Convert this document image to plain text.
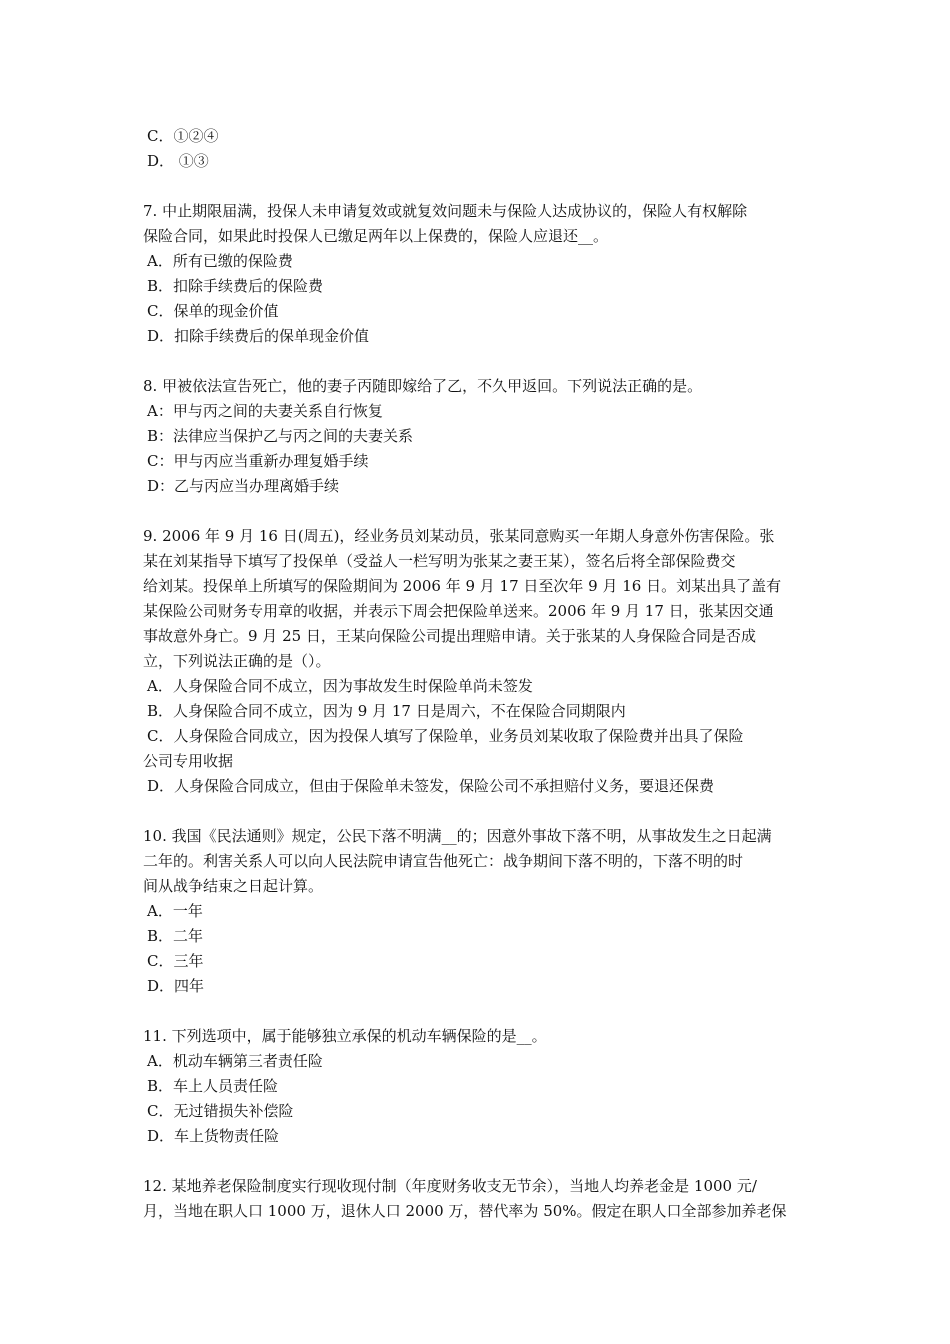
C．①②④

D． ①③

7. 中止期限届满，投保人未申请复效或就复效问题未与保险人达成协议的，保险人有权解除
保险合同，如果此时投保人已缴足两年以上保费的，保险人应退还__。

A．所有已缴的保险费

B．扣除手续费后的保险费

C．保单的现金价值

D．扣除手续费后的保单现金价值

8. 甲被依法宣告死亡，他的妻子丙随即嫁给了乙，不久甲返回。下列说法正确的是。

A：甲与丙之间的夫妻关系自行恢复

B：法律应当保护乙与丙之间的夫妻关系

C：甲与丙应当重新办理复婚手续

D：乙与丙应当办理离婚手续

9. 2006 年 9 月 16 日(周五)，经业务员刘某动员，张某同意购买一年期人身意外伤害保险。张
某在刘某指导下填写了投保单（受益人一栏写明为张某之妻王某），签名后将全部保险费交
给刘某。投保单上所填写的保险期间为 2006 年 9 月 17 日至次年 9 月 16 日。刘某出具了盖有
某保险公司财务专用章的收据，并表示下周会把保险单送来。2006 年 9 月 17 日，张某因交通
事故意外身亡。9 月 25 日，王某向保险公司提出理赔申请。关于张某的人身保险合同是否成
立，下列说法正确的是（）。

A．人身保险合同不成立，因为事故发生时保险单尚未签发

B．人身保险合同不成立，因为 9 月 17 日是周六，不在保险合同期限内

C．人身保险合同成立，因为投保人填写了保险单，业务员刘某收取了保险费并出具了保险

公司专用收据

D．人身保险合同成立，但由于保险单未签发，保险公司不承担赔付义务，要退还保费

10. 我国《民法通则》规定，公民下落不明满__的；因意外事故下落不明，从事故发生之日起满
二年的。利害关系人可以向人民法院申请宣告他死亡：战争期间下落不明的，下落不明的时
间从战争结束之日起计算。

A．一年

B．二年

C．三年

D．四年

11. 下列选项中，属于能够独立承保的机动车辆保险的是__。

A．机动车辆第三者责任险

B．车上人员责任险

C．无过错损失补偿险

D．车上货物责任险

12. 某地养老保险制度实行现收现付制（年度财务收支无节余），当地人均养老金是 1000 元/
月，当地在职人口 1000 万，退休人口 2000 万，替代率为 50%。假定在职人口全部参加养老保
